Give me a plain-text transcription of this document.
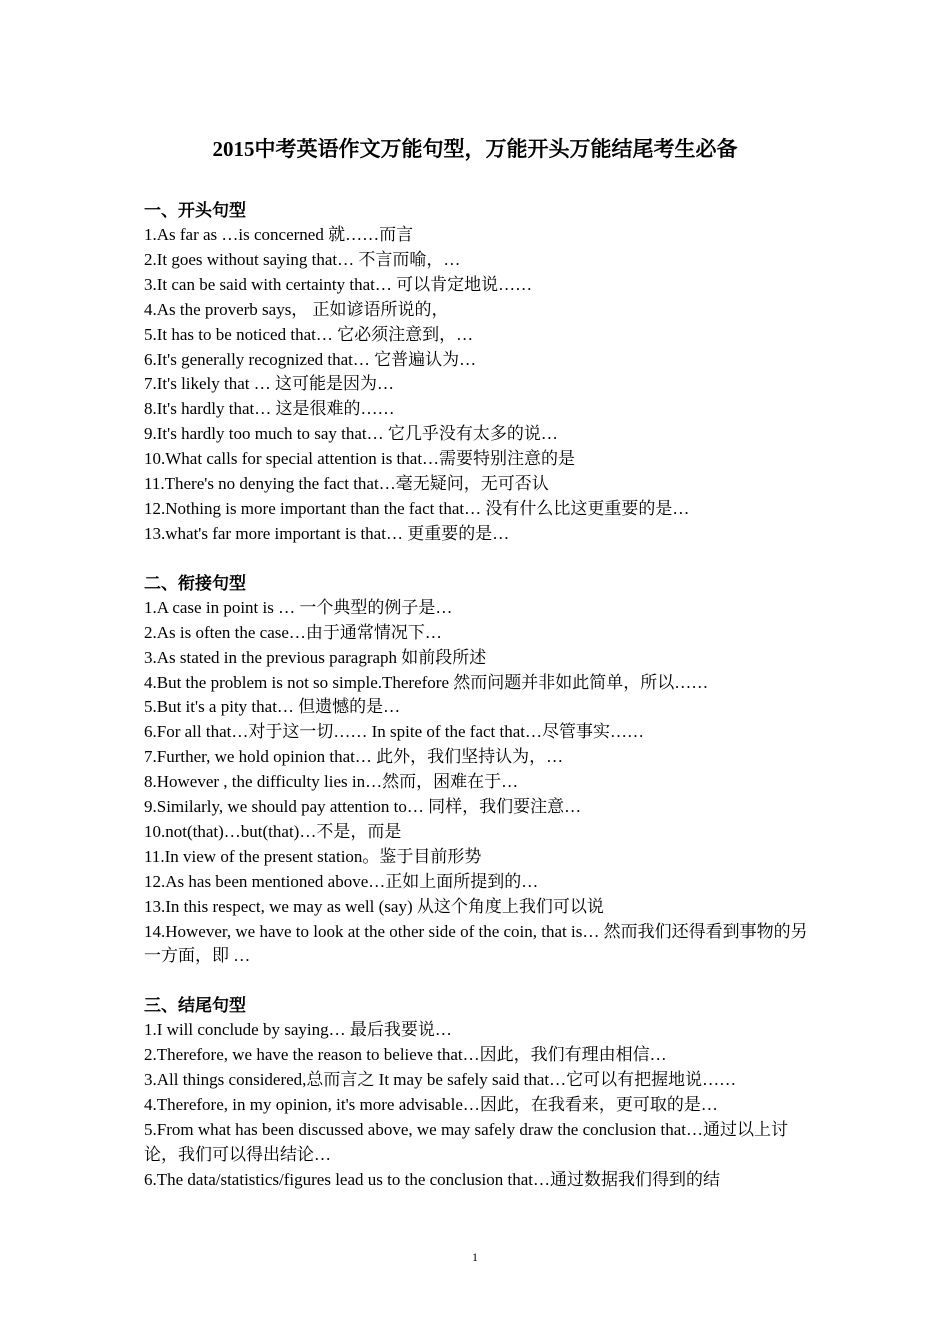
2015中考英语作文万能句型，万能开头万能结尾考生必备
一、开头句型
1.As far as …is concerned 就……而言
2.It goes without saying that… 不言而喻，…
3.It can be said with certainty that… 可以肯定地说……
4.As the proverb says， 正如谚语所说的，
5.It has to be noticed that… 它必须注意到，…
6.It's generally recognized that… 它普遍认为…
7.It's likely that … 这可能是因为…
8.It's hardly that… 这是很难的……
9.It's hardly too much to say that… 它几乎没有太多的说…
10.What calls for special attention is that…需要特别注意的是
11.There's no denying the fact that…毫无疑问，无可否认
12.Nothing is more important than the fact that… 没有什么比这更重要的是…
13.what's far more important is that… 更重要的是…
二、衔接句型
1.A case in point is … 一个典型的例子是…
2.As is often the case…由于通常情况下…
3.As stated in the previous paragraph 如前段所述
4.But the problem is not so simple.Therefore 然而问题并非如此简单，所以……
5.But it's a pity that… 但遗憾的是…
6.For all that…对于这一切…… In spite of the fact that…尽管事实……
7.Further, we hold opinion that… 此外，我们坚持认为，…
8.However , the difficulty lies in…然而，困难在于…
9.Similarly, we should pay attention to… 同样，我们要注意…
10.not(that)…but(that)…不是，而是
11.In view of the present station。鉴于目前形势
12.As has been mentioned above…正如上面所提到的…
13.In this respect, we may as well (say) 从这个角度上我们可以说
14.However, we have to look at the other side of the coin, that is… 然而我们还得看到事物的另一方面，即 …
三、结尾句型
1.I will conclude by saying… 最后我要说…
2.Therefore, we have the reason to believe that…因此，我们有理由相信…
3.All things considered,总而言之 It may be safely said that…它可以有把握地说……
4.Therefore, in my opinion, it's more advisable…因此，在我看来，更可取的是…
5.From what has been discussed above, we may safely draw the conclusion that…通过以上讨论，我们可以得出结论…
6.The data/statistics/figures lead us to the conclusion that…通过数据我们得到的结
1
